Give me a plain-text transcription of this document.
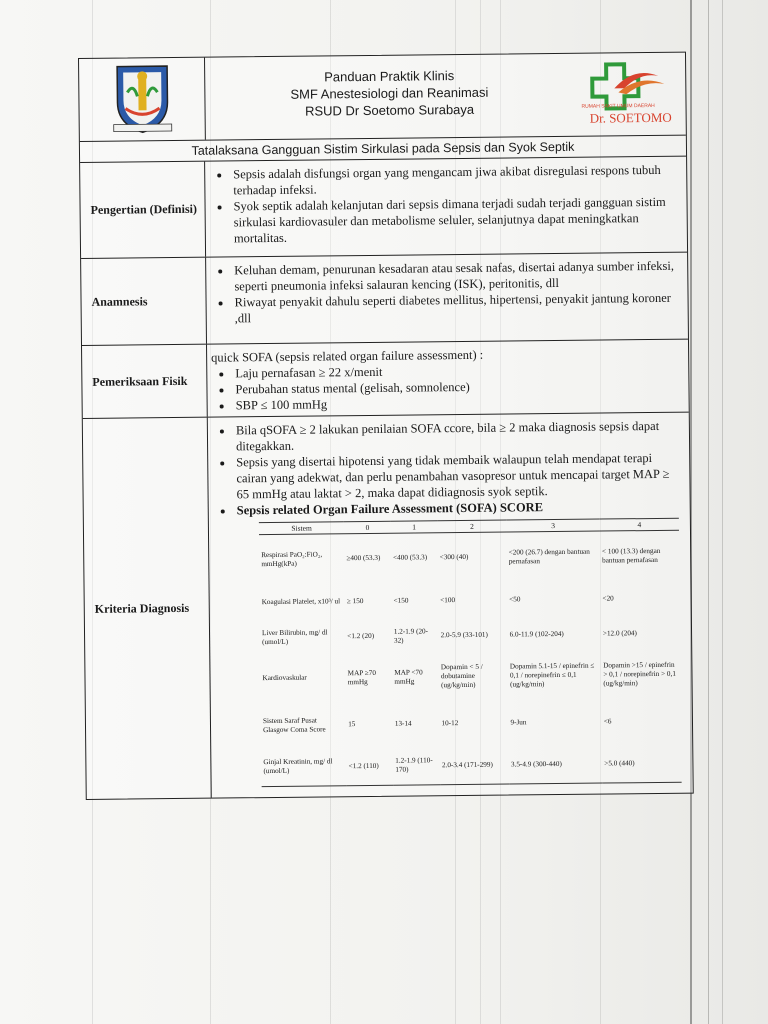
Panduan Praktik Klinis
SMF Anestesiologi dan Reanimasi
RSUD Dr Soetomo Surabaya	RUMAH SAKIT UMUM DAERAH
Dr. SOETOMO
Tatalaksana Gangguan Sistim Sirkulasi pada Sepsis dan Syok Septik
Pengertian (Definisi)
• Sepsis adalah disfungsi organ yang mengancam jiwa akibat disregulasi respons tubuh terhadap infeksi.
• Syok septik adalah kelanjutan dari sepsis dimana terjadi sudah terjadi gangguan sistim sirkulasi kardiovasuler dan metabolisme seluler, selanjutnya dapat meningkatkan mortalitas.
Anamnesis
• Keluhan demam, penurunan kesadaran atau sesak nafas, disertai adanya sumber infeksi, seperti pneumonia infeksi salauran kencing (ISK), peritonitis, dll
• Riwayat penyakit dahulu seperti diabetes mellitus, hipertensi, penyakit jantung koroner ,dll
Pemeriksaan Fisik
quick SOFA (sepsis related organ failure assessment) :
• Laju pernafasan ≥ 22 x/menit
• Perubahan status mental (gelisah, somnolence)
• SBP ≤ 100 mmHg
Kriteria Diagnosis
• Bila qSOFA ≥ 2 lakukan penilaian SOFA ccore, bila ≥ 2 maka diagnosis sepsis dapat ditegakkan.
• Sepsis yang disertai hipotensi yang tidak membaik walaupun telah mendapat terapi cairan yang adekwat, dan perlu penambahan vasopresor untuk mencapai target MAP ≥ 65 mmHg atau laktat > 2, maka dapat didiagnosis syok septik.
• Sepsis related Organ Failure Assessment (SOFA) SCORE
Sistem	0	1	2	3	4
Respirasi PaO₂:FiO₂, mmHg(kPa)	≥400 (53.3)	<400 (53.3)	<300 (40)	<200 (26.7) dengan bantuan pernafasan	< 100 (13.3) dengan bantuan pernafasan
Koagulasi Platelet, x10³/ ul	≥ 150	<150	<100	<50	<20
Liver Bilirubin, mg/ dl (umol/L)	<1.2 (20)	1.2-1.9 (20-32)	2.0-5.9 (33-101)	6.0-11.9 (102-204)	>12.0 (204)
Kardiovaskular	MAP ≥70 mmHg	MAP <70 mmHg	Dopamin < 5 / dobutamine (ug/kg/min)	Dopamin 5.1-15 / epinefrin ≤ 0,1 / norepinefrin ≤ 0,1 (ug/kg/min)	Dopamin >15 / epinefrin > 0,1 / norepinefrin > 0,1 (ug/kg/min)
Sistem Saraf Pusat Glasgow Coma Score	15	13-14	10-12	9-Jun	<6
Ginjal Kreatinin, mg/ dl (umol/L)	<1.2 (110)	1.2-1.9 (110-170)	2.0-3.4 (171-299)	3.5-4.9 (300-440)	>5.0 (440)
